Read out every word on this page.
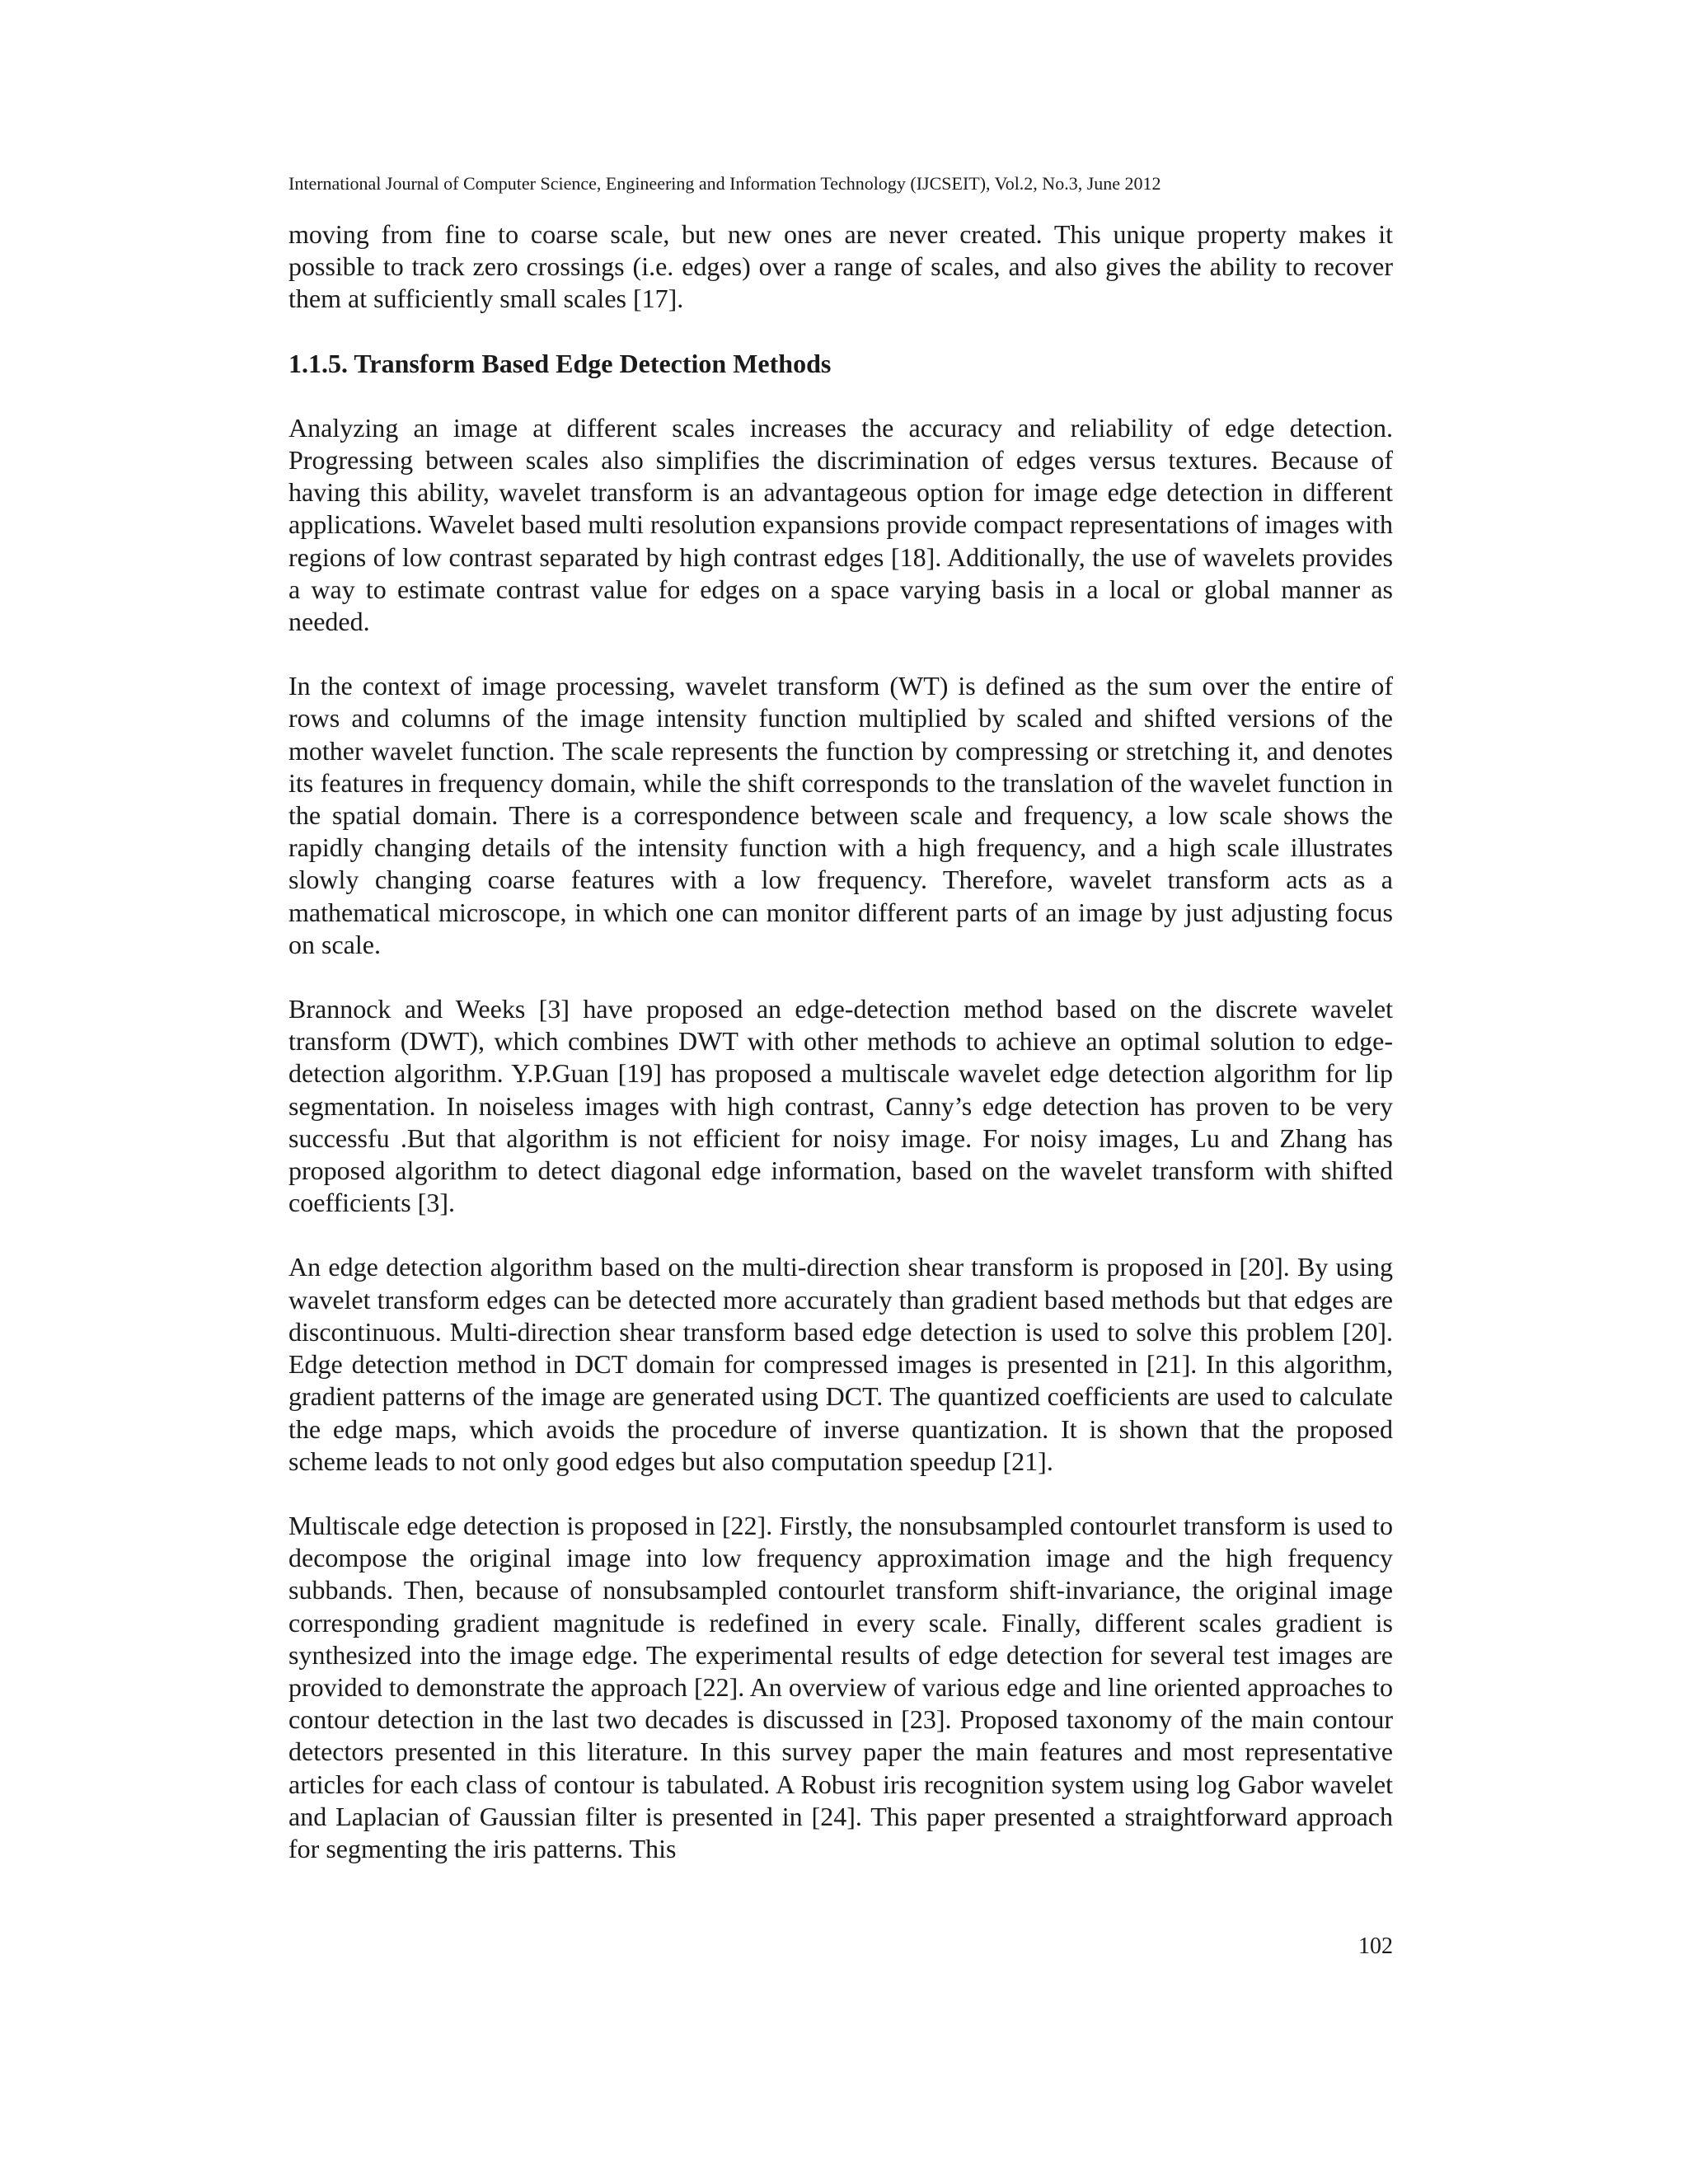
International Journal of Computer Science, Engineering and Information Technology (IJCSEIT), Vol.2, No.3, June 2012

moving from fine to coarse scale, but new ones are never created. This unique property makes it possible to track zero crossings (i.e. edges) over a range of scales, and also gives the ability to recover them at sufficiently small scales [17].

1.1.5. Transform Based Edge Detection Methods

Analyzing an image at different scales increases the accuracy and reliability of edge detection. Progressing between scales also simplifies the discrimination of edges versus textures. Because of having this ability, wavelet transform is an advantageous option for image edge detection in different applications. Wavelet based multi resolution expansions provide compact representations of images with regions of low contrast separated by high contrast edges [18]. Additionally, the use of wavelets provides a way to estimate contrast value for edges on a space varying basis in a local or global manner as needed.

In the context of image processing, wavelet transform (WT) is defined as the sum over the entire of rows and columns of the image intensity function multiplied by scaled and shifted versions of the mother wavelet function. The scale represents the function by compressing or stretching it, and denotes its features in frequency domain, while the shift corresponds to the translation of the wavelet function in the spatial domain. There is a correspondence between scale and frequency, a low scale shows the rapidly changing details of the intensity function with a high frequency, and a high scale illustrates slowly changing coarse features with a low frequency. Therefore, wavelet transform acts as a mathematical microscope, in which one can monitor different parts of an image by just adjusting focus on scale.

Brannock and Weeks [3] have proposed an edge-detection method based on the discrete wavelet transform (DWT), which combines DWT with other methods to achieve an optimal solution to edge-detection algorithm. Y.P.Guan [19] has proposed a multiscale wavelet edge detection algorithm for lip segmentation. In noiseless images with high contrast, Canny’s edge detection has proven to be very successfu .But that algorithm is not efficient for noisy image. For noisy images, Lu and Zhang has proposed algorithm to detect diagonal edge information, based on the wavelet transform with shifted coefficients [3].

An edge detection algorithm based on the multi-direction shear transform is proposed in [20]. By using wavelet transform edges can be detected more accurately than gradient based methods but that edges are discontinuous. Multi-direction shear transform based edge detection is used to solve this problem [20]. Edge detection method in DCT domain for compressed images is presented in [21]. In this algorithm, gradient patterns of the image are generated using DCT. The quantized coefficients are used to calculate the edge maps, which avoids the procedure of inverse quantization. It is shown that the proposed scheme leads to not only good edges but also computation speedup [21].

Multiscale edge detection is proposed in [22]. Firstly, the nonsubsampled contourlet transform is used to decompose the original image into low frequency approximation image and the high frequency subbands. Then, because of nonsubsampled contourlet transform shift-invariance, the original image corresponding gradient magnitude is redefined in every scale. Finally, different scales gradient is synthesized into the image edge. The experimental results of edge detection for several test images are provided to demonstrate the approach [22]. An overview of various edge and line oriented approaches to contour detection in the last two decades is discussed in [23]. Proposed taxonomy of the main contour detectors presented in this literature. In this survey paper the main features and most representative articles for each class of contour is tabulated. A Robust iris recognition system using log Gabor wavelet and Laplacian of Gaussian filter is presented in [24]. This paper presented a straightforward approach for segmenting the iris patterns. This

102
